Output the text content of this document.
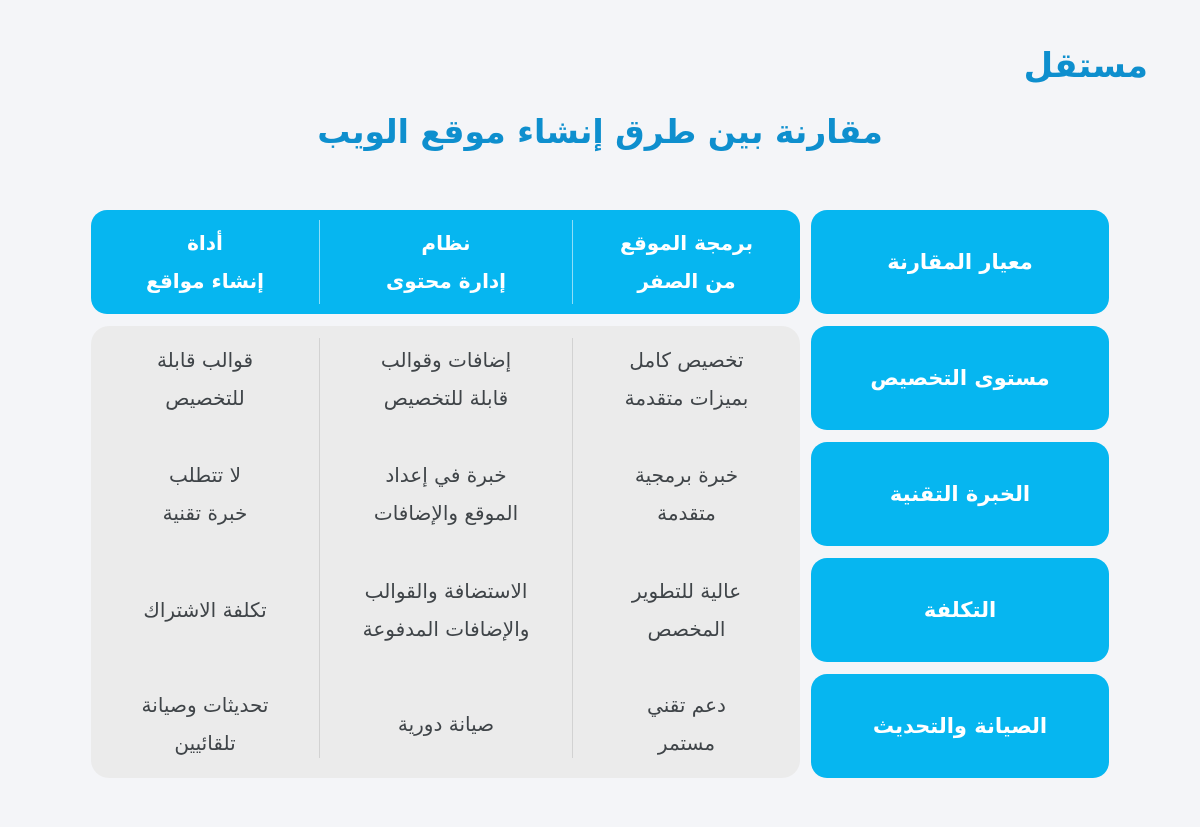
مستقل
مقارنة بين طرق إنشاء موقع الويب
معيار المقارنة
مستوى التخصيص
الخبرة التقنية
التكلفة
الصيانة والتحديث
برمجة الموقع
من الصفر
نظام
إدارة محتوى
أداة
إنشاء مواقع
تخصيص كامل
بميزات متقدمة
إضافات وقوالب
قابلة للتخصيص
قوالب قابلة
للتخصيص
خبرة برمجية
متقدمة
خبرة في إعداد
الموقع والإضافات
لا تتطلب
خبرة تقنية
عالية للتطوير
المخصص
الاستضافة والقوالب
والإضافات المدفوعة
تكلفة الاشتراك
دعم تقني
مستمر
صيانة دورية
تحديثات وصيانة
تلقائيين
